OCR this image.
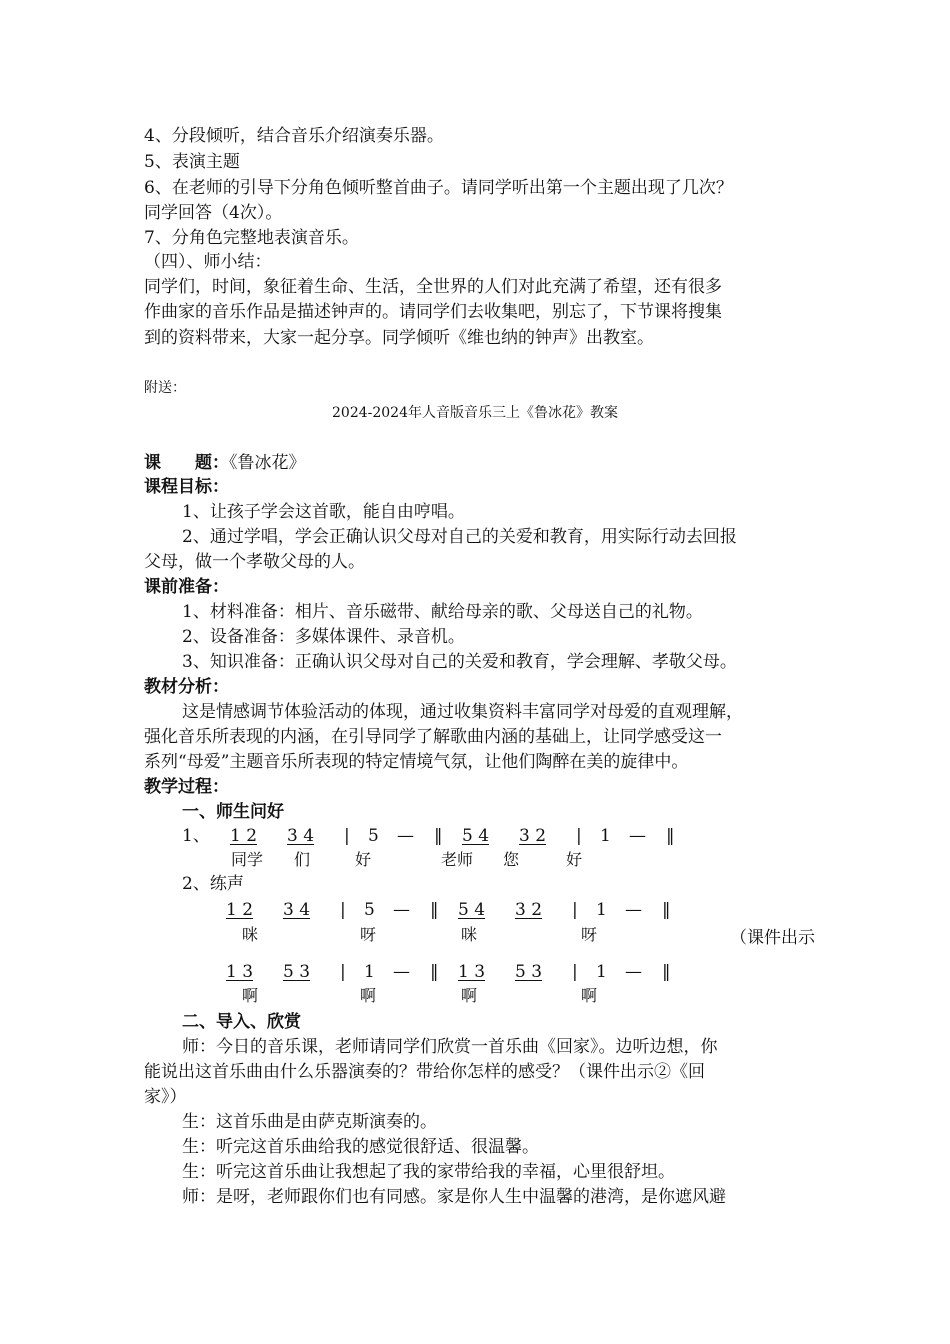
4、分段倾听，结合音乐介绍演奏乐器。
5、表演主题
6、在老师的引导下分角色倾听整首曲子。请同学听出第一个主题出现了几次？
同学回答（4次）。
7、分角色完整地表演音乐。
（四）、师小结：
同学们，时间，象征着生命、生活，全世界的人们对此充满了希望，还有很多
作曲家的音乐作品是描述钟声的。请同学们去收集吧，别忘了，下节课将搜集
到的资料带来，大家一起分享。同学倾听《维也纳的钟声》出教室。
附送：
2024-2024年人音版音乐三上《鲁冰花》教案
课　　题：《鲁冰花》
课程目标：
1、让孩子学会这首歌，能自由哼唱。
2、通过学唱，学会正确认识父母对自己的关爱和教育，用实际行动去回报
父母，做一个孝敬父母的人。
课前准备：
1、材料准备：相片、音乐磁带、献给母亲的歌、父母送自己的礼物。
2、设备准备：多媒体课件、录音机。
3、知识准备：正确认识父母对自己的关爱和教育，学会理解、孝敬父母。
教材分析：
这是情感调节体验活动的体现，通过收集资料丰富同学对母爱的直观理解，
强化音乐所表现的内涵，在引导同学了解歌曲内涵的基础上，让同学感受这一
系列“母爱”主题音乐所表现的特定情境气氛，让他们陶醉在美的旋律中。
教学过程：
一、师生问好
1、 1 2 3 4 | 5 — ‖ 5 4 3 2 | 1 — ‖
同学 们	好	老师 您	好
2、练声
1 2 3 4 | 5 — ‖ 5 4 3 2 | 1 — ‖
咪	呀	咪	呀	（课件出示
1 3 5 3 | 1 — ‖ 1 3 5 3 | 1 — ‖
啊	啊	啊	啊
二、导入、欣赏
师：今日的音乐课，老师请同学们欣赏一首乐曲《回家》。边听边想，你
能说出这首乐曲由什么乐器演奏的？带给你怎样的感受？（课件出示②《回
家》）
生：这首乐曲是由萨克斯演奏的。
生：听完这首乐曲给我的感觉很舒适、很温馨。
生：听完这首乐曲让我想起了我的家带给我的幸福，心里很舒坦。
师：是呀，老师跟你们也有同感。家是你人生中温馨的港湾，是你遮风避
